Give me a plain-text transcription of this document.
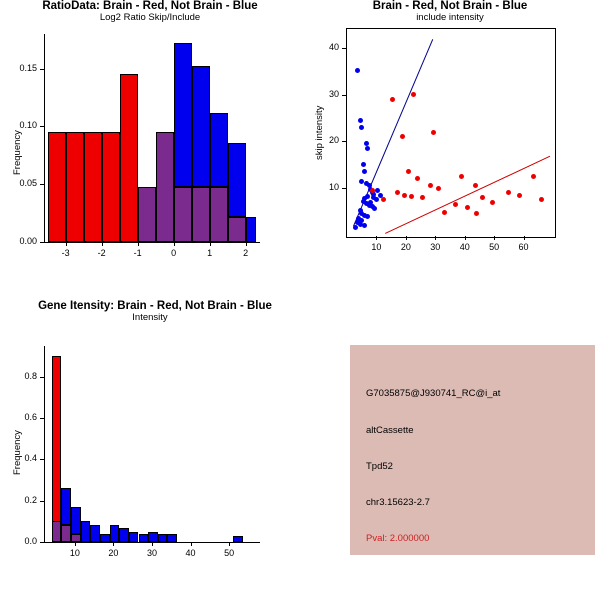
RatioData: Brain - Red, Not Brain - Blue
-3	-2	-1	0	1	2
0.00
0.05
0.10
0.15
Log2 Ratio Skip/Include
Frequency
Brain - Red, Not Brain - Blue
10 20 30 40 50 60
10
20
30
40
include intensity
skip intensity
Gene Itensity: Brain - Red, Not Brain - Blue
10	20	30	40	50
0.0
0.2
0.4
0.6
0.8
Intensity
Frequency
G7035875@J930741_RC@i_at
altCassette
Tpd52
chr3.15623-2.7
Pval: 2.000000
